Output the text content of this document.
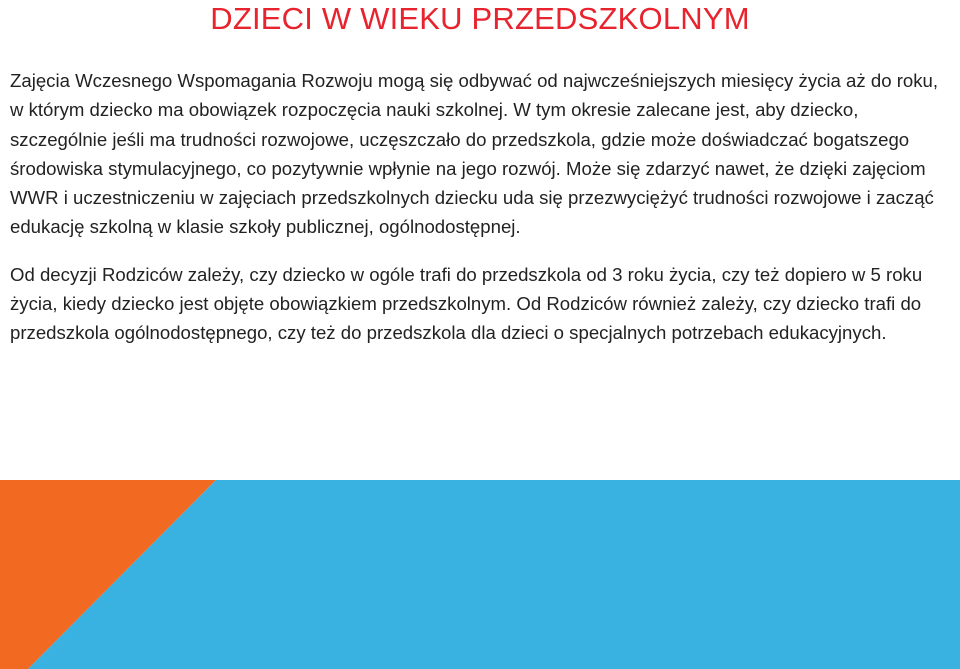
DZIECI W WIEKU PRZEDSZKOLNYM

Zajęcia Wczesnego Wspomagania Rozwoju mogą się odbywać od najwcześniejszych miesięcy życia aż do roku, w którym dziecko ma obowiązek rozpoczęcia nauki szkolnej. W tym okresie zalecane jest, aby dziecko, szczególnie jeśli ma trudności rozwojowe, uczęszczało do przedszkola, gdzie może doświadczać bogatszego środowiska stymulacyjnego, co pozytywnie wpłynie na jego rozwój. Może się zdarzyć nawet, że dzięki zajęciom WWR i uczestniczeniu w zajęciach przedszkolnych dziecku uda się przezwyciężyć trudności rozwojowe i zacząć edukację szkolną w klasie szkoły publicznej, ogólnodostępnej.

Od decyzji Rodziców zależy, czy dziecko w ogóle trafi do przedszkola od 3 roku życia, czy też dopiero w 5 roku życia, kiedy dziecko jest objęte obowiązkiem przedszkolnym. Od Rodziców również zależy, czy dziecko trafi do przedszkola ogólnodostępnego, czy też do przedszkola dla dzieci o specjalnych potrzebach edukacyjnych.
